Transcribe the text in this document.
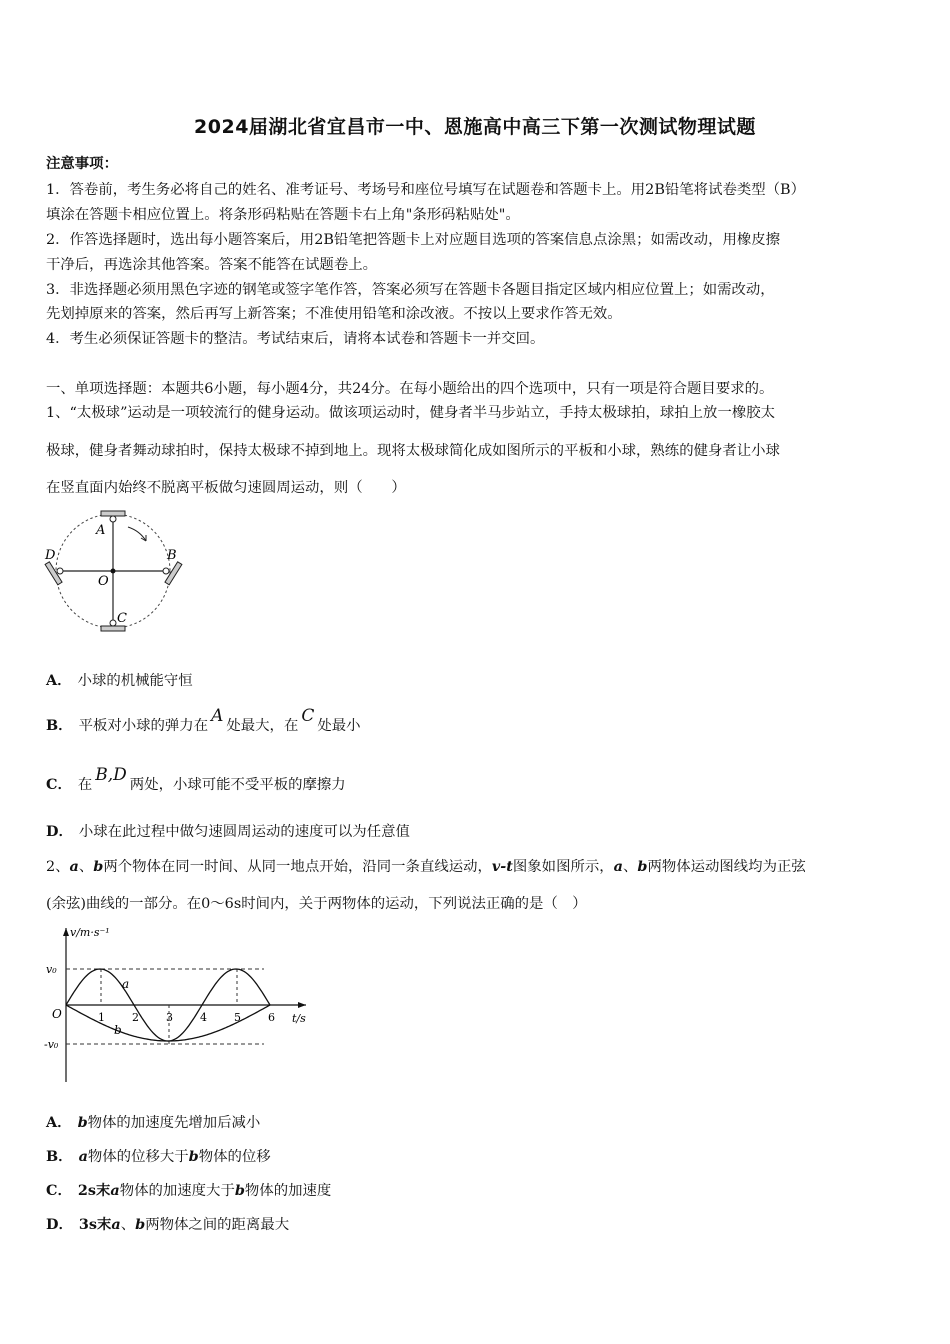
2024届湖北省宜昌市一中、恩施高中高三下第一次测试物理试题
注意事项：
1．答卷前，考生务必将自己的姓名、准考证号、考场号和座位号填写在试题卷和答题卡上。用2B铅笔将试卷类型（B）
填涂在答题卡相应位置上。将条形码粘贴在答题卡右上角"条形码粘贴处"。
2．作答选择题时，选出每小题答案后，用2B铅笔把答题卡上对应题目选项的答案信息点涂黑；如需改动，用橡皮擦
干净后，再选涂其他答案。答案不能答在试题卷上。
3．非选择题必须用黑色字迹的钢笔或签字笔作答，答案必须写在答题卡各题目指定区域内相应位置上；如需改动，
先划掉原来的答案，然后再写上新答案；不准使用铅笔和涂改液。不按以上要求作答无效。
4．考生必须保证答题卡的整洁。考试结束后，请将本试卷和答题卡一并交回。
一、单项选择题：本题共6小题，每小题4分，共24分。在每小题给出的四个选项中，只有一项是符合题目要求的。
1、“太极球”运动是一项较流行的健身运动。做该项运动时，健身者半马步站立，手持太极球拍，球拍上放一橡胶太
极球，健身者舞动球拍时，保持太极球不掉到地上。现将太极球简化成如图所示的平板和小球，熟练的健身者让小球
在竖直面内始终不脱离平板做匀速圆周运动，则（　　）
A
B
C
D
O
A． 小球的机械能守恒
B． 平板对小球的弹力在 A 处最大，在 C 处最小
C． 在 B,D 两处，小球可能不受平板的摩擦力
D． 小球在此过程中做匀速圆周运动的速度可以为任意值
2、a、b两个物体在同一时间、从同一地点开始，沿同一条直线运动，v-t图象如图所示，a、b两物体运动图线均为正弦
(余弦)曲线的一部分。在0～6s时间内，关于两物体的运动，下列说法正确的是（　）
v/m·s⁻¹
t/s
v₀
-v₀
O	1 2 3 4 5 6
a
b
A． b物体的加速度先增加后减小
B． a物体的位移大于b物体的位移
C． 2s末a物体的加速度大于b物体的加速度
D． 3s末a、b两物体之间的距离最大
